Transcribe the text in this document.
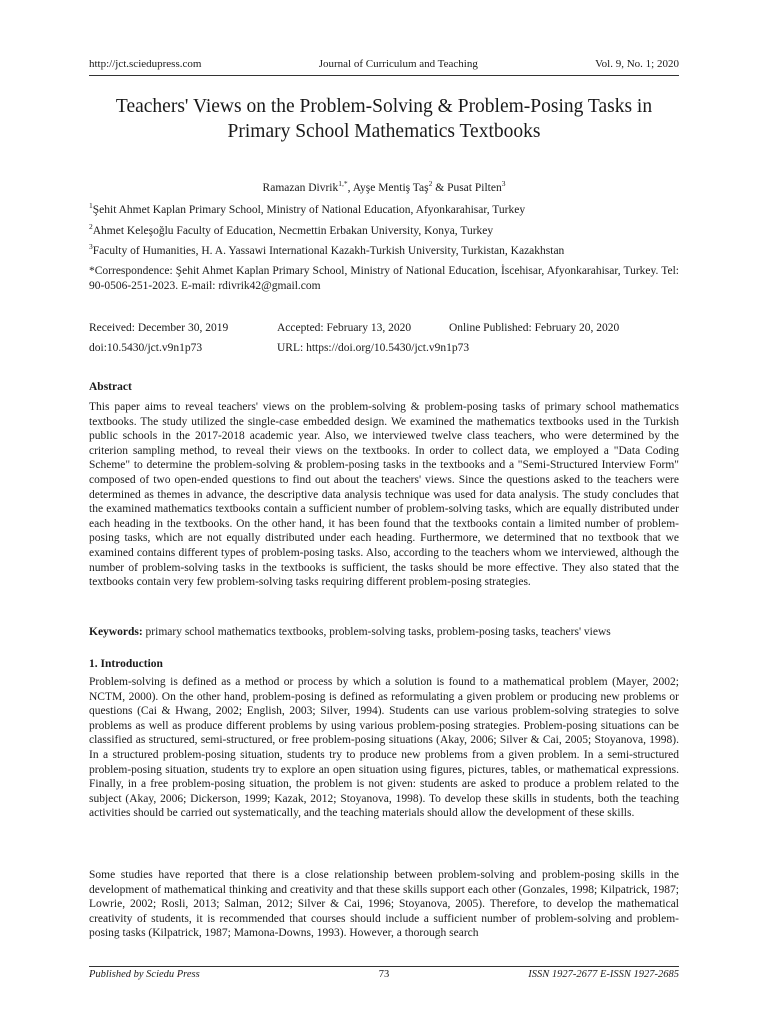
http://jct.sciedupress.com	Journal of Curriculum and Teaching	Vol. 9, No. 1; 2020
Teachers' Views on the Problem-Solving & Problem-Posing Tasks in
Primary School Mathematics Textbooks
Ramazan Divrik$^{1,*}$, Ayşe Mentiş Taş$^2$ & Pusat Pilten$^3$
$^1$Şehit Ahmet Kaplan Primary School, Ministry of National Education, Afyonkarahisar, Turkey
$^2$Ahmet Keleşoğlu Faculty of Education, Necmettin Erbakan University, Konya, Turkey
$^3$Faculty of Humanities, H. A. Yassawi International Kazakh-Turkish University, Turkistan, Kazakhstan
*Correspondence: Şehit Ahmet Kaplan Primary School, Ministry of National Education, İscehisar, Afyonkarahisar, Turkey. Tel: 90-0506-251-2023. E-mail: rdivrik42@gmail.com
Received: December 30, 2019	Accepted: February 13, 2020	Online Published: February 20, 2020
doi:10.5430/jct.v9n1p73	URL: https://doi.org/10.5430/jct.v9n1p73
Abstract

This paper aims to reveal teachers' views on the problem-solving & problem-posing tasks of primary school mathematics textbooks. The study utilized the single-case embedded design. We examined the mathematics textbooks used in the Turkish public schools in the 2017-2018 academic year. Also, we interviewed twelve class teachers, who were determined by the criterion sampling method, to reveal their views on the textbooks. In order to collect data, we employed a "Data Coding Scheme" to determine the problem-solving & problem-posing tasks in the textbooks and a "Semi-Structured Interview Form" composed of two open-ended questions to find out about the teachers' views. Since the questions asked to the teachers were determined as themes in advance, the descriptive data analysis technique was used for data analysis. The study concludes that the examined mathematics textbooks contain a sufficient number of problem-solving tasks, which are equally distributed under each heading in the textbooks. On the other hand, it has been found that the textbooks contain a limited number of problem-posing tasks, which are not equally distributed under each heading. Furthermore, we determined that no textbook that we examined contains different types of problem-posing tasks. Also, according to the teachers whom we interviewed, although the number of problem-solving tasks in the textbooks is sufficient, the tasks should be more effective. They also stated that the textbooks contain very few problem-solving tasks requiring different problem-posing strategies.

Keywords: primary school mathematics textbooks, problem-solving tasks, problem-posing tasks, teachers' views
1. Introduction

Problem-solving is defined as a method or process by which a solution is found to a mathematical problem (Mayer, 2002; NCTM, 2000). On the other hand, problem-posing is defined as reformulating a given problem or producing new problems or questions (Cai & Hwang, 2002; English, 2003; Silver, 1994). Students can use various problem-solving strategies to solve problems as well as produce different problems by using various problem-posing strategies. Problem-posing situations can be classified as structured, semi-structured, or free problem-posing situations (Akay, 2006; Silver & Cai, 2005; Stoyanova, 1998). In a structured problem-posing situation, students try to produce new problems from a given problem. In a semi-structured problem-posing situation, students try to explore an open situation using figures, pictures, tables, or mathematical expressions. Finally, in a free problem-posing situation, the problem is not given: students are asked to produce a problem related to the subject (Akay, 2006; Dickerson, 1999; Kazak, 2012; Stoyanova, 1998). To develop these skills in students, both the teaching activities should be carried out systematically, and the teaching materials should allow the development of these skills.

Some studies have reported that there is a close relationship between problem-solving and problem-posing skills in the development of mathematical thinking and creativity and that these skills support each other (Gonzales, 1998; Kilpatrick, 1987; Lowrie, 2002; Rosli, 2013; Salman, 2012; Silver & Cai, 1996; Stoyanova, 2005). Therefore, to develop the mathematical creativity of students, it is recommended that courses should include a sufficient number of problem-solving and problem-posing tasks (Kilpatrick, 1987; Mamona-Downs, 1993). However, a thorough search

Published by Sciedu Press	73	ISSN 1927-2677 E-ISSN 1927-2685
